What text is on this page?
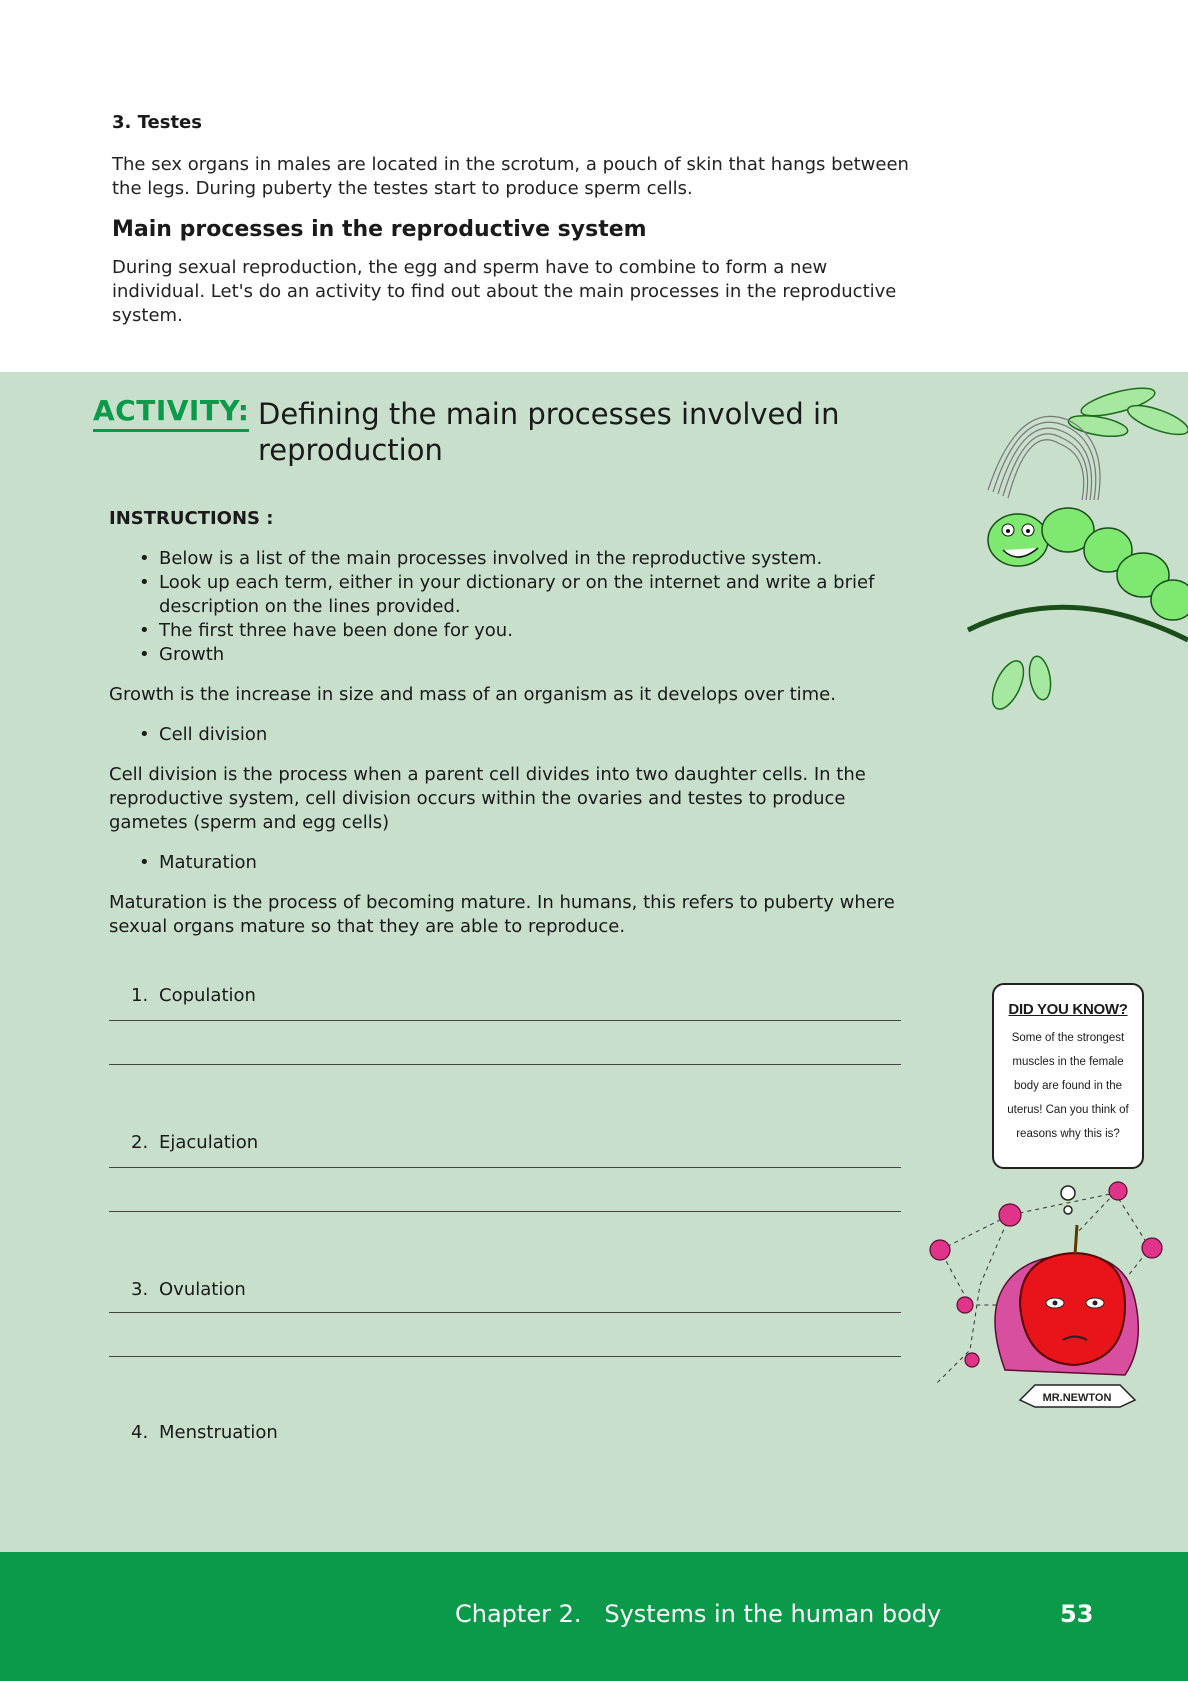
3. Testes

The sex organs in males are located in the scrotum, a pouch of skin that hangs between the legs. During puberty the testes start to produce sperm cells.

Main processes in the reproductive system

During sexual reproduction, the egg and sperm have to combine to form a new individual. Let's do an activity to find out about the main processes in the reproductive system.

ACTIVITY: Defining the main processes involved in reproduction
INSTRUCTIONS :
• Below is a list of the main processes involved in the reproductive system.
• Look up each term, either in your dictionary or on the internet and write a brief description on the lines provided.
• The first three have been done for you.
• Growth

Growth is the increase in size and mass of an organism as it develops over time.

• Cell division

Cell division is the process when a parent cell divides into two daughter cells. In the reproductive system, cell division occurs within the ovaries and testes to produce gametes (sperm and egg cells)

• Maturation

Maturation is the process of becoming mature. In humans, this refers to puberty where sexual organs mature so that they are able to reproduce.

1. Copulation
2. Ejaculation
3. Ovulation
4. Menstruation
DID YOU KNOW?
Some of the strongest muscles in the female body are found in the uterus! Can you think of reasons why this is?
MR.NEWTON
Chapter 2.   Systems in the human body	53
